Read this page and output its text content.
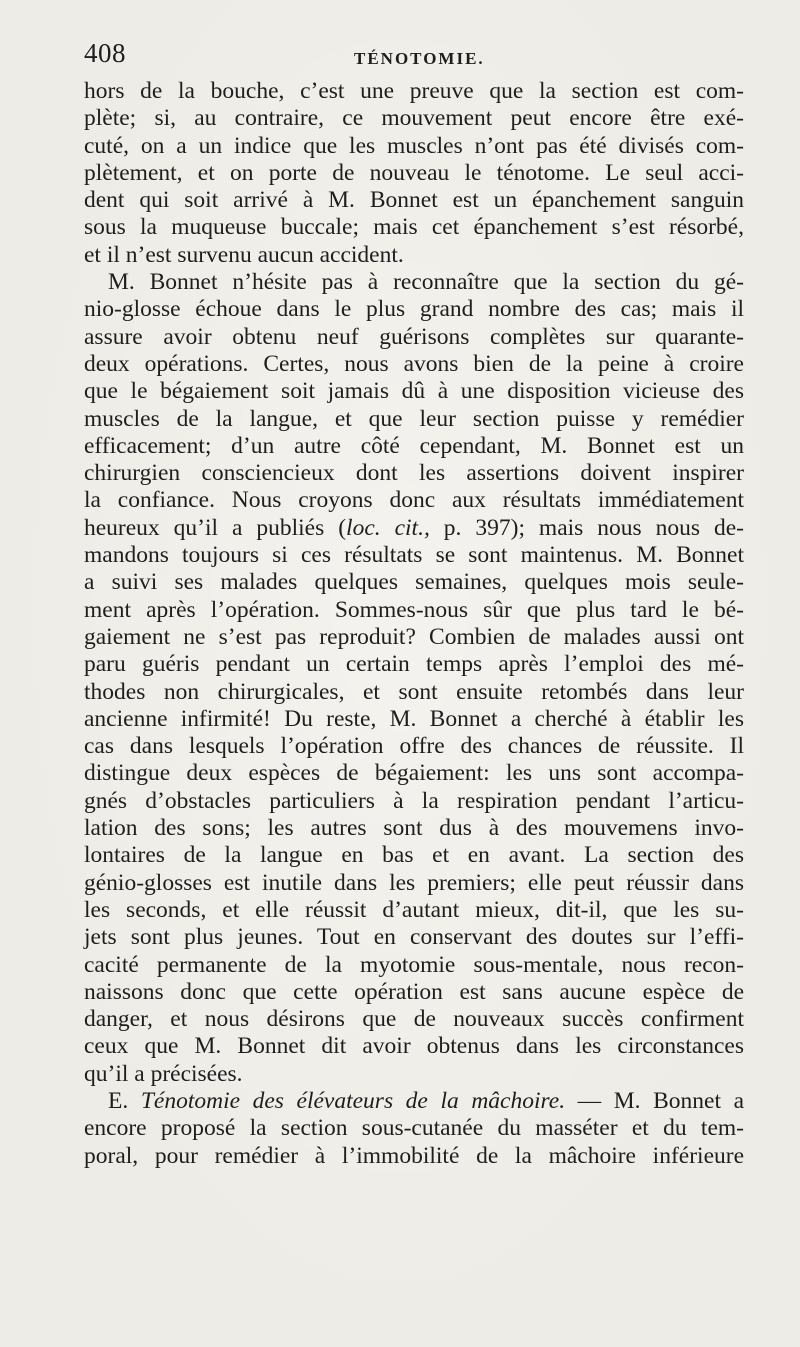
408	TÉNOTOMIE.
hors de la bouche, c’est une preuve que la section est com-
plète; si, au contraire, ce mouvement peut encore être exé-
cuté, on a un indice que les muscles n’ont pas été divisés com-
plètement, et on porte de nouveau le ténotome. Le seul acci-
dent qui soit arrivé à M. Bonnet est un épanchement sanguin
sous la muqueuse buccale; mais cet épanchement s’est résorbé,
et il n’est survenu aucun accident.
M. Bonnet n’hésite pas à reconnaître que la section du gé-
nio-glosse échoue dans le plus grand nombre des cas; mais il
assure avoir obtenu neuf guérisons complètes sur quarante-
deux opérations. Certes, nous avons bien de la peine à croire
que le bégaiement soit jamais dû à une disposition vicieuse des
muscles de la langue, et que leur section puisse y remédier
efficacement; d’un autre côté cependant, M. Bonnet est un
chirurgien consciencieux dont les assertions doivent inspirer
la confiance. Nous croyons donc aux résultats immédiatement
heureux qu’il a publiés (loc. cit., p. 397); mais nous nous de-
mandons toujours si ces résultats se sont maintenus. M. Bonnet
a suivi ses malades quelques semaines, quelques mois seule-
ment après l’opération. Sommes-nous sûr que plus tard le bé-
gaiement ne s’est pas reproduit? Combien de malades aussi ont
paru guéris pendant un certain temps après l’emploi des mé-
thodes non chirurgicales, et sont ensuite retombés dans leur
ancienne infirmité! Du reste, M. Bonnet a cherché à établir les
cas dans lesquels l’opération offre des chances de réussite. Il
distingue deux espèces de bégaiement: les uns sont accompa-
gnés d’obstacles particuliers à la respiration pendant l’articu-
lation des sons; les autres sont dus à des mouvemens invo-
lontaires de la langue en bas et en avant. La section des
génio-glosses est inutile dans les premiers; elle peut réussir dans
les seconds, et elle réussit d’autant mieux, dit-il, que les su-
jets sont plus jeunes. Tout en conservant des doutes sur l’effi-
cacité permanente de la myotomie sous-mentale, nous recon-
naissons donc que cette opération est sans aucune espèce de
danger, et nous désirons que de nouveaux succès confirment
ceux que M. Bonnet dit avoir obtenus dans les circonstances
qu’il a précisées.
E. Ténotomie des élévateurs de la mâchoire. — M. Bonnet a
encore proposé la section sous-cutanée du masséter et du tem-
poral, pour remédier à l’immobilité de la mâchoire inférieure
